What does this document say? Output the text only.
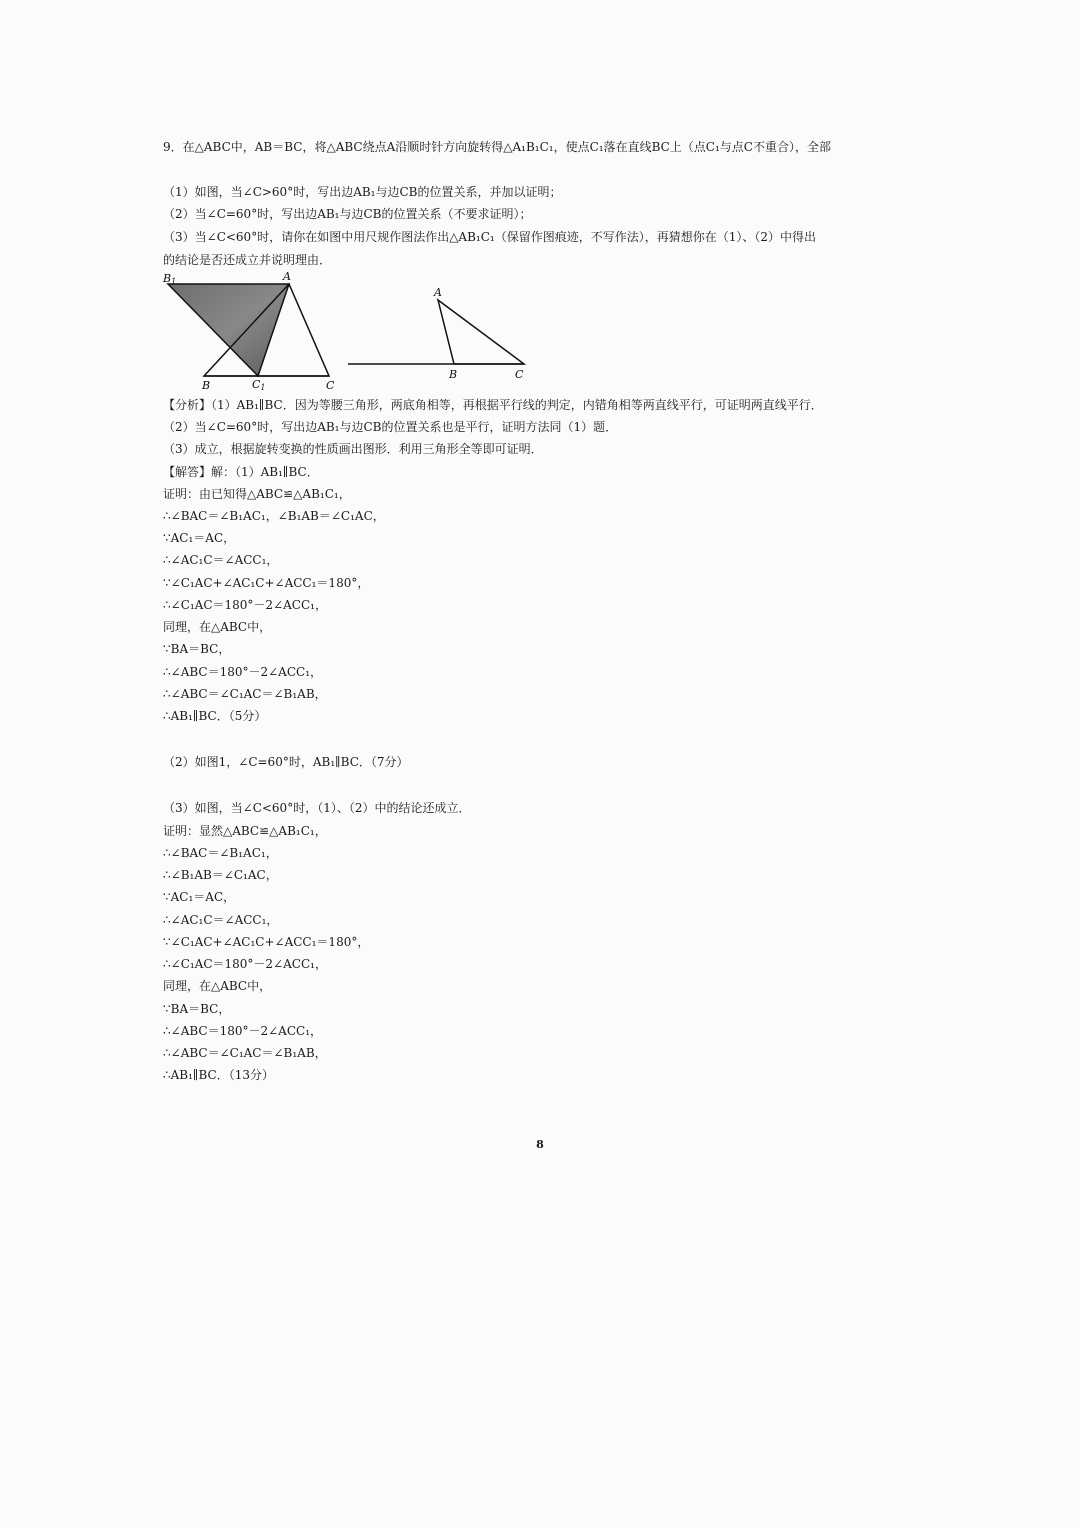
9．在△ABC中，AB＝BC，将△ABC绕点A沿顺时针方向旋转得△A₁B₁C₁，使点C₁落在直线BC上（点C₁与点C不重合），全部
（1）如图，当∠C>60°时，写出边AB₁与边CB的位置关系，并加以证明；
（2）当∠C=60°时，写出边AB₁与边CB的位置关系（不要求证明）；
（3）当∠C<60°时，请你在如图中用尺规作图法作出△AB₁C₁（保留作图痕迹，不写作法），再猜想你在（1）、（2）中得出
的结论是否还成立并说明理由．
B1	A
B	C1	C
A
B	C
【分析】（1）AB₁∥BC．因为等腰三角形，两底角相等，再根据平行线的判定，内错角相等两直线平行，可证明两直线平行．
（2）当∠C=60°时，写出边AB₁与边CB的位置关系也是平行，证明方法同（1）题．
（3）成立，根据旋转变换的性质画出图形．利用三角形全等即可证明．
【解答】解：（1）AB₁∥BC．
证明：由已知得△ABC≌△AB₁C₁，
∴∠BAC＝∠B₁AC₁，∠B₁AB＝∠C₁AC，
∵AC₁＝AC，
∴∠AC₁C＝∠ACC₁，
∵∠C₁AC+∠AC₁C+∠ACC₁＝180°，
∴∠C₁AC＝180°－2∠ACC₁，
同理，在△ABC中，
∵BA＝BC，
∴∠ABC＝180°－2∠ACC₁，
∴∠ABC＝∠C₁AC＝∠B₁AB，
∴AB₁∥BC．（5分）
（2）如图1，∠C=60°时，AB₁∥BC．（7分）
（3）如图，当∠C<60°时，（1）、（2）中的结论还成立．
证明：显然△ABC≌△AB₁C₁，
∴∠BAC＝∠B₁AC₁，
∴∠B₁AB＝∠C₁AC，
∵AC₁＝AC，
∴∠AC₁C＝∠ACC₁，
∵∠C₁AC+∠AC₁C+∠ACC₁＝180°，
∴∠C₁AC＝180°－2∠ACC₁，
同理，在△ABC中，
∵BA＝BC，
∴∠ABC＝180°－2∠ACC₁，
∴∠ABC＝∠C₁AC＝∠B₁AB，
∴AB₁∥BC．（13分）
8
